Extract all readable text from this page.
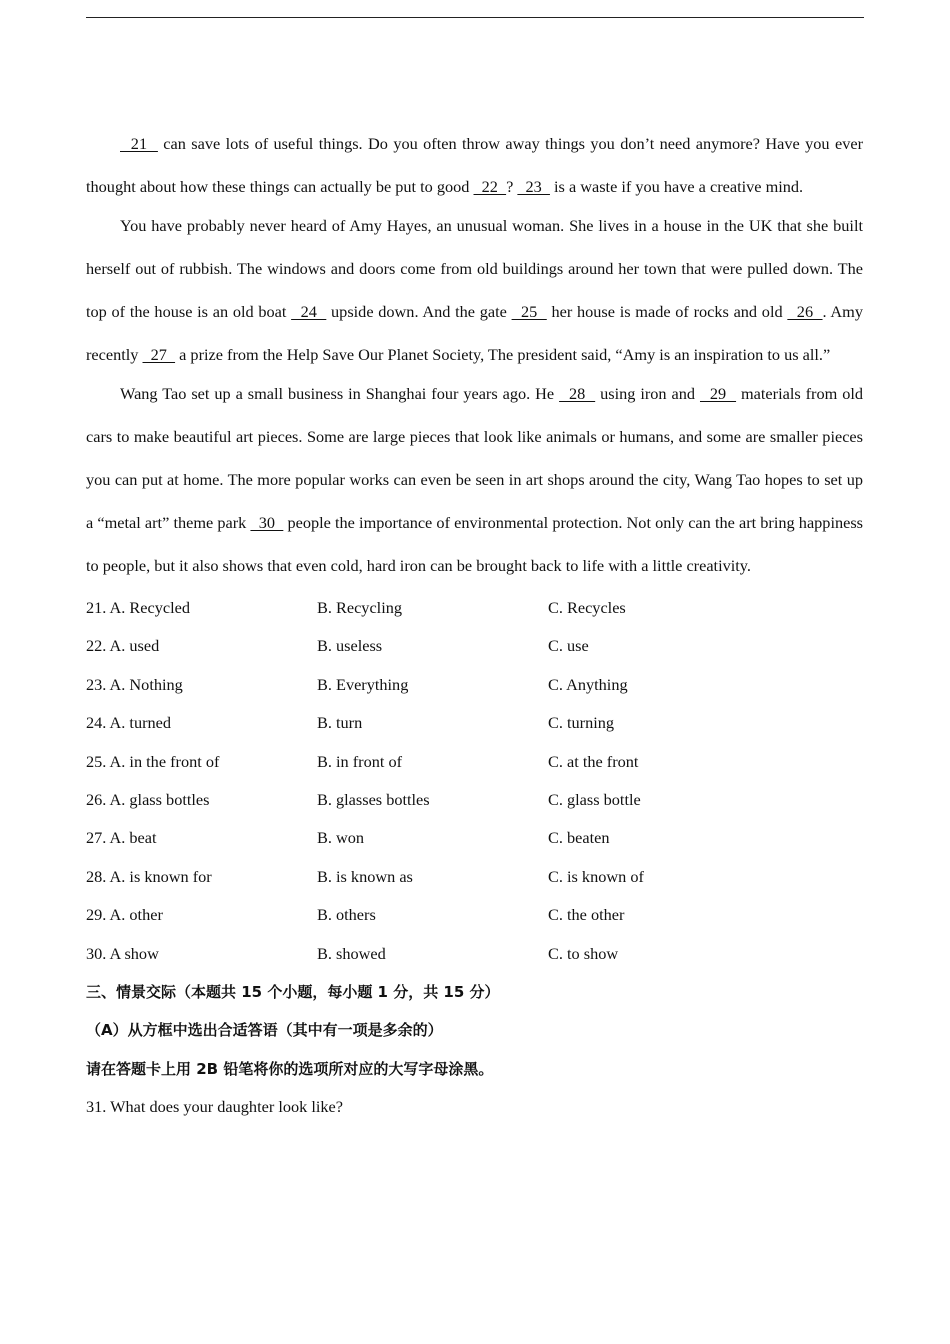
21   can save lots of useful things. Do you often throw away things you don’t need anymore? Have you ever thought about how these things can actually be put to good   22  ?   23   is a waste if you have a creative mind.

You have probably never heard of Amy Hayes, an unusual woman. She lives in a house in the UK that she built herself out of rubbish. The windows and doors come from old buildings around her town that were pulled down. The top of the house is an old boat   24   upside down. And the gate   25   her house is made of rocks and old   26  . Amy recently   27   a prize from the Help Save Our Planet Society, The president said, “Amy is an inspiration to us all.”

Wang Tao set up a small business in Shanghai four years ago. He   28   using iron and   29   materials from old cars to make beautiful art pieces. Some are large pieces that look like animals or humans, and some are smaller pieces you can put at home. The more popular works can even be seen in art shops around the city, Wang Tao hopes to set up a “metal art” theme park   30   people the importance of environmental protection. Not only can the art bring happiness to people, but it also shows that even cold, hard iron can be brought back to life with a little creativity.

21. A. Recycled	B. Recycling	C. Recycles
22. A. used	B. useless	C. use
23. A. Nothing	B. Everything	C. Anything
24. A. turned	B. turn	C. turning
25. A. in the front of	B. in front of	C. at the front
26. A. glass bottles	B. glasses bottles	C. glass bottle
27. A. beat	B. won	C. beaten
28. A. is known for	B. is known as	C. is known of
29. A. other	B. others	C. the other
30. A show	B. showed	C. to show
三、情景交际（本题共 15 个小题，每小题 1 分，共 15 分）
（A）从方框中选出合适答语（其中有一项是多余的）
请在答题卡上用 2B 铅笔将你的选项所对应的大写字母涂黑。
31. What does your daughter look like?
